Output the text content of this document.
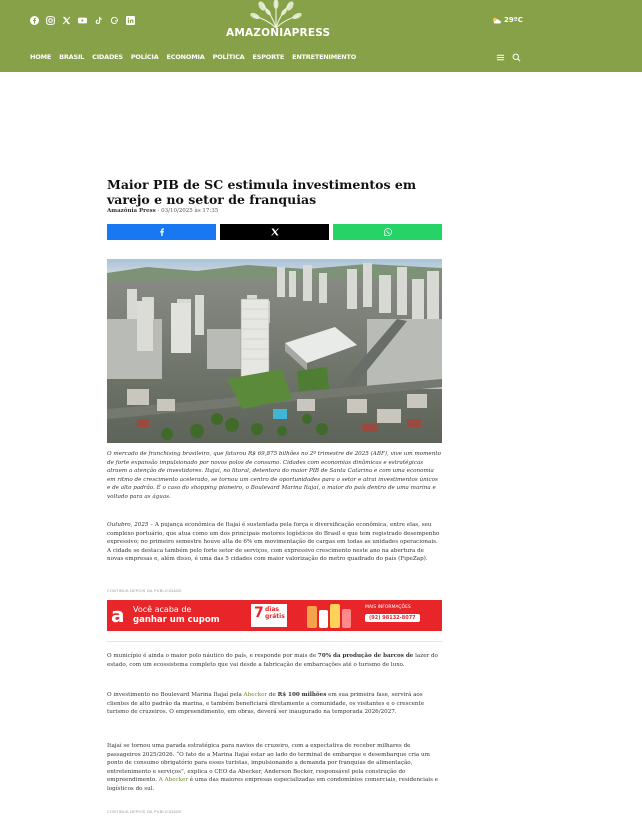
AMAZONIAPRESS
29ºC
HOME BRASIL CIDADES POLÍCIA ECONOMIA POLÍTICA ESPORTE ENTRETENIMENTO
Maior PIB de SC estimula investimentos em varejo e no setor de franquias
Amazônia Press - 03/10/2025 às 17:35

O mercado de franchising brasileiro, que faturou R$ 69,875 bilhões no 2º trimestre de 2025 (ABF), vive um momento de forte expansão impulsionado por novos polos de consumo. Cidades com economias dinâmicas e estratégicas atraem a atenção de investidores. Itajaí, no litoral, detentora do maior PIB de Santa Catarina e com uma economia em ritmo de crescimento acelerado, se tornou um centro de oportunidades para o setor e atrai investimentos únicos e de alto padrão. É o caso do shopping pioneiro, o Boulevard Marina Itajaí, o maior do país dentro de uma marina e voltado para as águas.

Outubro, 2025 – A pujança econômica de Itajaí é sustentada pela força e diversificação econômica, entre elas, seu complexo portuário, que atua como um dos principais motores logísticos do Brasil e que tem registrado desempenho expressivo; no primeiro semestre houve alta de 6% em movimentação de cargas em todas as unidades operacionais. A cidade se destaca também pelo forte setor de serviços, com expressivo crescimento neste ano na abertura de novas empresas e, além disso, é uma das 5 cidades com maior valorização do metro quadrado do país (FipeZap).

CONTINUA DEPOIS DA PUBLICIDADE
a	Você acaba de
ganhar um cupom 7 dias
grátis
MAIS INFORMAÇÕES
(92) 98132-8077

O município é ainda o maior polo náutico do país, e responde por mais de 70% da produção de barcos de lazer do estado, com um ecossistema completo que vai desde a fabricação de embarcações até o turismo de luxo.

O investimento no Boulevard Marina Itajaí pela Abecker de R$ 100 milhões em sua primeira fase, servirá aos clientes de alto padrão da marina, e também beneficiará diretamente a comunidade, os visitantes e o crescente turismo de cruzeiros. O empreendimento, em obras, deverá ser inaugurado na temporada 2026/2027.

Itajaí se tornou uma parada estratégica para navios de cruzeiro, com a expectativa de receber milhares de passageiros 2025/2026. “O fato de a Marina Itajaí estar ao lado do terminal de embarque e desembarque cria um ponto de consumo obrigatório para esses turistas, impulsionando a demanda por franquias de alimentação, entretenimento e serviços”, explica o CEO da Abecker, Anderson Becker, responsável pela construção do empreendimento. A Abecker é uma das maiores empresas especializadas em condomínios comerciais, residenciais e logísticos do sul.

CONTINUA DEPOIS DA PUBLICIDADE
